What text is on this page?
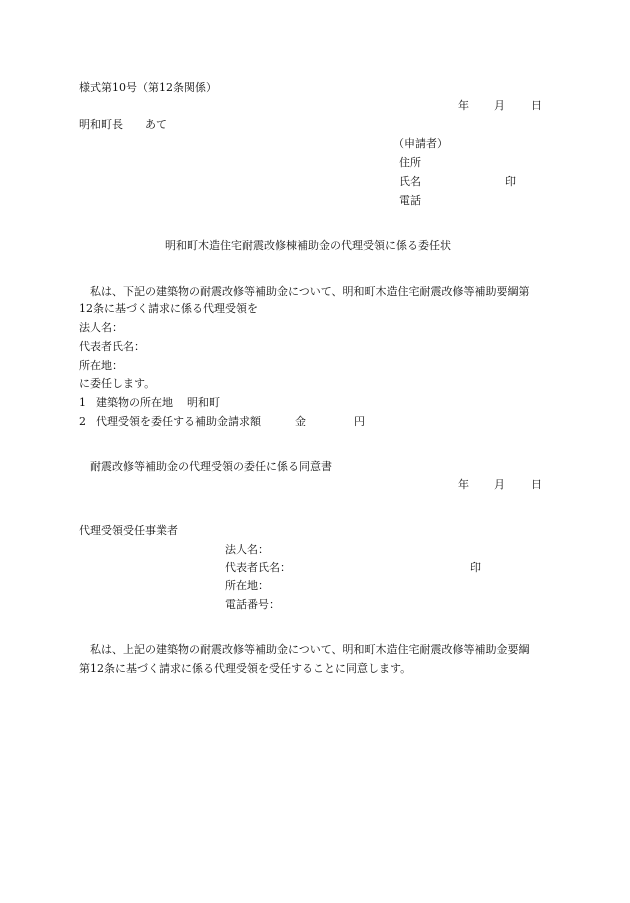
様式第10号（第12条関係）
年 月 日
明和町長　　あて
（申請者）
住所
氏名	印
電話
明和町木造住宅耐震改修棟補助金の代理受領に係る委任状
私は、下記の建築物の耐震改修等補助金について、明和町木造住宅耐震改修等補助要綱第
12条に基づく請求に係る代理受領を
法人名：
代表者氏名：
所在地：
に委任します。
1 建築物の所在地 明和町
2 代理受領を委任する補助金請求額	金	円
耐震改修等補助金の代理受領の委任に係る同意書
年 月 日
代理受領受任事業者
法人名：
代表者氏名：	印
所在地：
電話番号：
私は、上記の建築物の耐震改修等補助金について、明和町木造住宅耐震改修等補助金要綱
第12条に基づく請求に係る代理受領を受任することに同意します。
